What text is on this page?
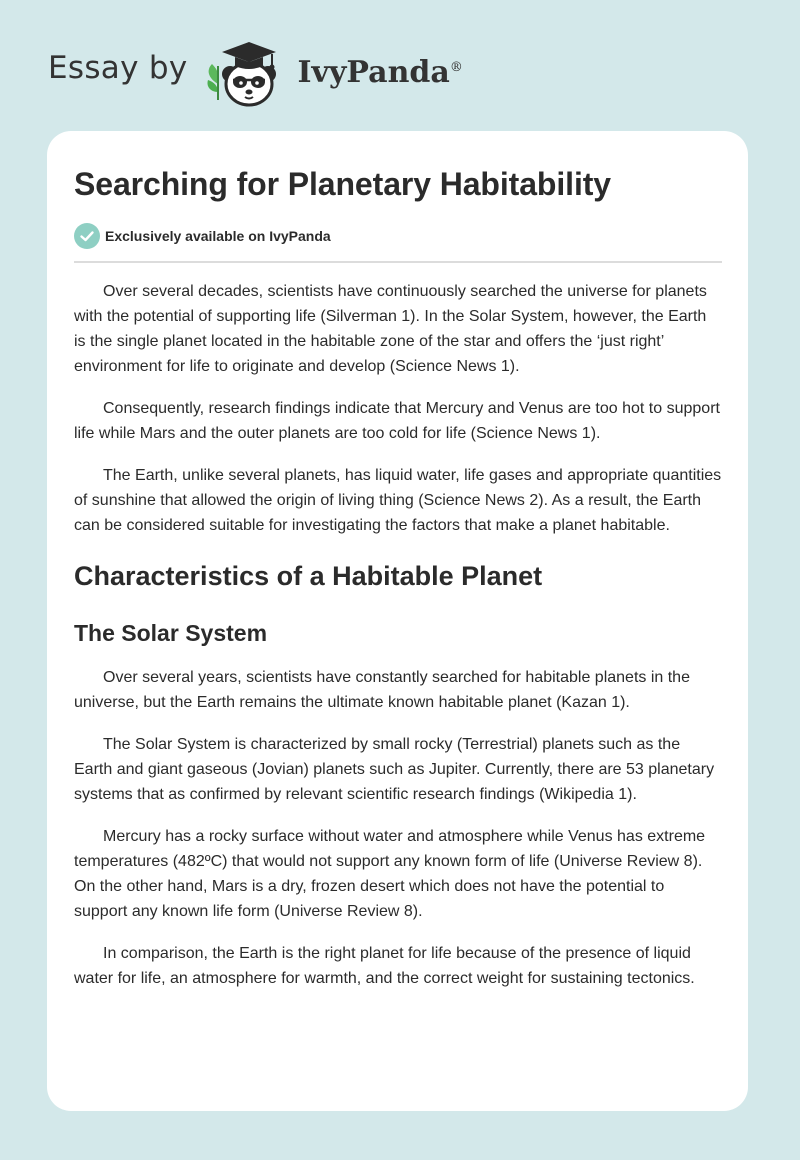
Essay by	IvyPanda®
Searching for Planetary Habitability
Exclusively available on IvyPanda

Over several decades, scientists have continuously searched the universe for planets with the potential of supporting life (Silverman 1). In the Solar System, however, the Earth is the single planet located in the habitable zone of the star and offers the ‘just right’ environment for life to originate and develop (Science News 1).

Consequently, research findings indicate that Mercury and Venus are too hot to support life while Mars and the outer planets are too cold for life (Science News 1).

The Earth, unlike several planets, has liquid water, life gases and appropriate quantities of sunshine that allowed the origin of living thing (Science News 2). As a result, the Earth can be considered suitable for investigating the factors that make a planet habitable.

Characteristics of a Habitable Planet
The Solar System

Over several years, scientists have constantly searched for habitable planets in the universe, but the Earth remains the ultimate known habitable planet (Kazan 1).

The Solar System is characterized by small rocky (Terrestrial) planets such as the Earth and giant gaseous (Jovian) planets such as Jupiter. Currently, there are 53 planetary systems that as confirmed by relevant scientific research findings (Wikipedia 1).

Mercury has a rocky surface without water and atmosphere while Venus has extreme temperatures (482ºC) that would not support any known form of life (Universe Review 8). On the other hand, Mars is a dry, frozen desert which does not have the potential to support any known life form (Universe Review 8).

In comparison, the Earth is the right planet for life because of the presence of liquid water for life, an atmosphere for warmth, and the correct weight for sustaining tectonics.
